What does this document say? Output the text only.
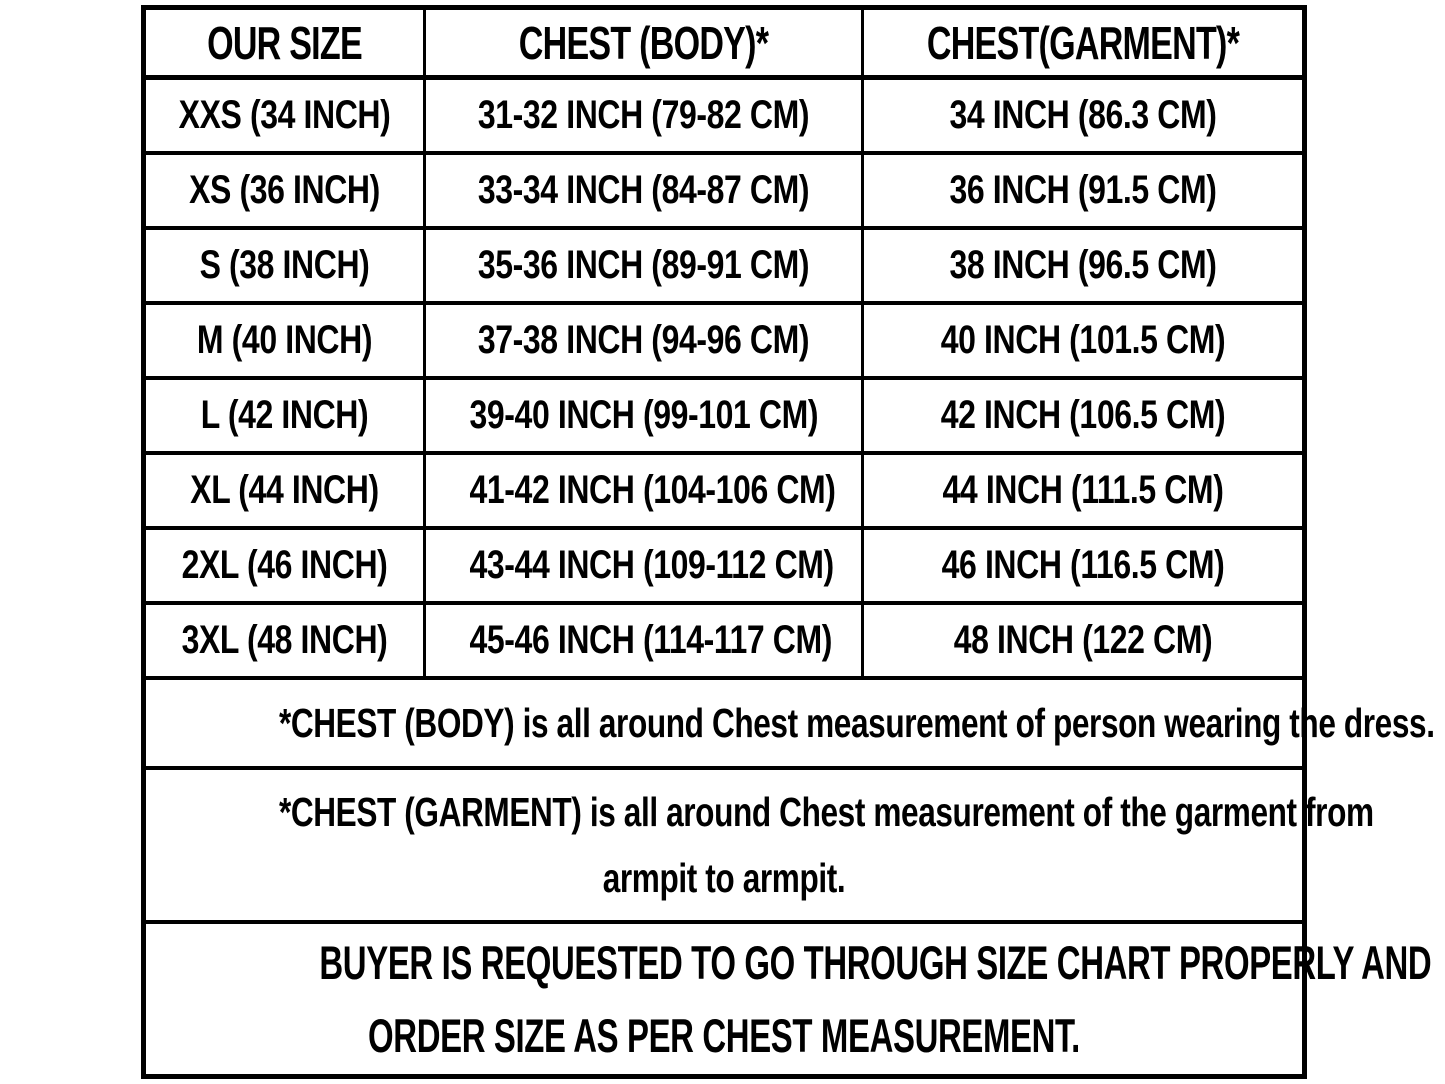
OUR SIZE	CHEST (BODY)*	CHEST(GARMENT)*

XXS (34 INCH)	31-32 INCH (79-82 CM)	34 INCH (86.3 CM)

XS (36 INCH)	33-34 INCH (84-87 CM)	36 INCH (91.5 CM)

S (38 INCH)	35-36 INCH (89-91 CM)	38 INCH (96.5 CM)

M (40 INCH)	37-38 INCH (94-96 CM)	40 INCH (101.5 CM)

L (42 INCH)	39-40 INCH (99-101 CM)	42 INCH (106.5 CM)

XL (44 INCH)	41-42 INCH (104-106 CM)	44 INCH (111.5 CM)

2XL (46 INCH)	43-44 INCH (109-112 CM)	46 INCH (116.5 CM)

3XL (48 INCH)	45-46 INCH (114-117 CM)	48 INCH (122 CM)

*CHEST (BODY) is all around Chest measurement of person wearing the dress.		

*CHEST (GARMENT) is all around Chest measurement of the garment from
armpit to armpit.		

BUYER IS REQUESTED TO GO THROUGH SIZE CHART PROPERLY AND
ORDER SIZE AS PER CHEST MEASUREMENT.		
